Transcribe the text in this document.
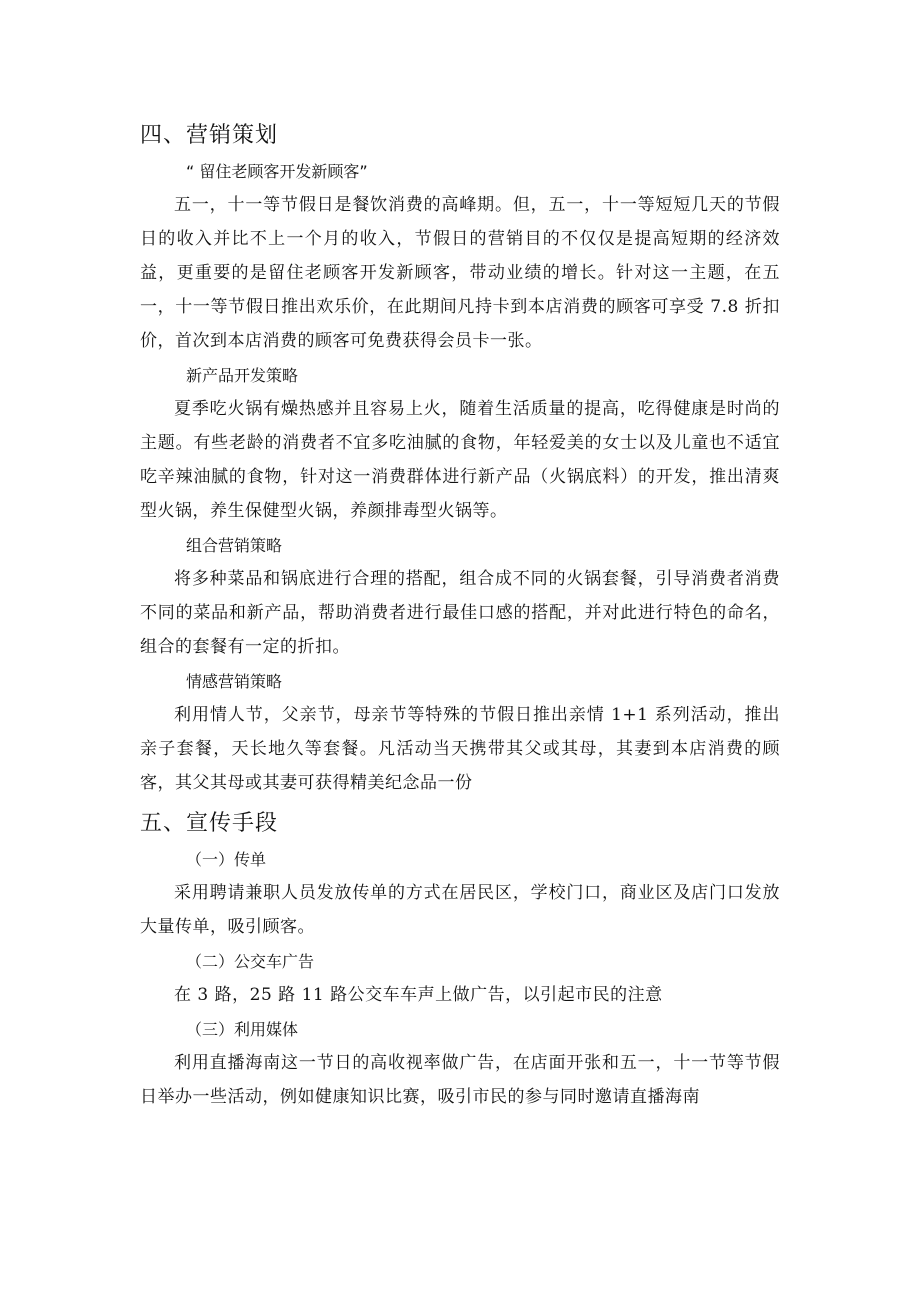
四、营销策划
“ 留住老顾客开发新顾客”

五一，十一等节假日是餐饮消费的高峰期。但，五一，十一等短短几天的节假日的收入并比不上一个月的收入，节假日的营销目的不仅仅是提高短期的经济效益，更重要的是留住老顾客开发新顾客，带动业绩的增长。针对这一主题，在五一，十一等节假日推出欢乐价，在此期间凡持卡到本店消费的顾客可享受 7.8 折扣价，首次到本店消费的顾客可免费获得会员卡一张。

新产品开发策略

夏季吃火锅有燥热感并且容易上火，随着生活质量的提高，吃得健康是时尚的主题。有些老龄的消费者不宜多吃油腻的食物，年轻爱美的女士以及儿童也不适宜吃辛辣油腻的食物，针对这一消费群体进行新产品（火锅底料）的开发，推出清爽型火锅，养生保健型火锅，养颜排毒型火锅等。

组合营销策略

将多种菜品和锅底进行合理的搭配，组合成不同的火锅套餐，引导消费者消费不同的菜品和新产品，帮助消费者进行最佳口感的搭配，并对此进行特色的命名，组合的套餐有一定的折扣。

情感营销策略

利用情人节，父亲节，母亲节等特殊的节假日推出亲情 1+1 系列活动，推出亲子套餐，天长地久等套餐。凡活动当天携带其父或其母，其妻到本店消费的顾客，其父其母或其妻可获得精美纪念品一份

五、宣传手段
（一）传单

采用聘请兼职人员发放传单的方式在居民区，学校门口，商业区及店门口发放大量传单，吸引顾客。

（二）公交车广告

在 3 路，25 路 11 路公交车车声上做广告，以引起市民的注意

（三）利用媒体

利用直播海南这一节日的高收视率做广告，在店面开张和五一，十一节等节假日举办一些活动，例如健康知识比赛，吸引市民的参与同时邀请直播海南
